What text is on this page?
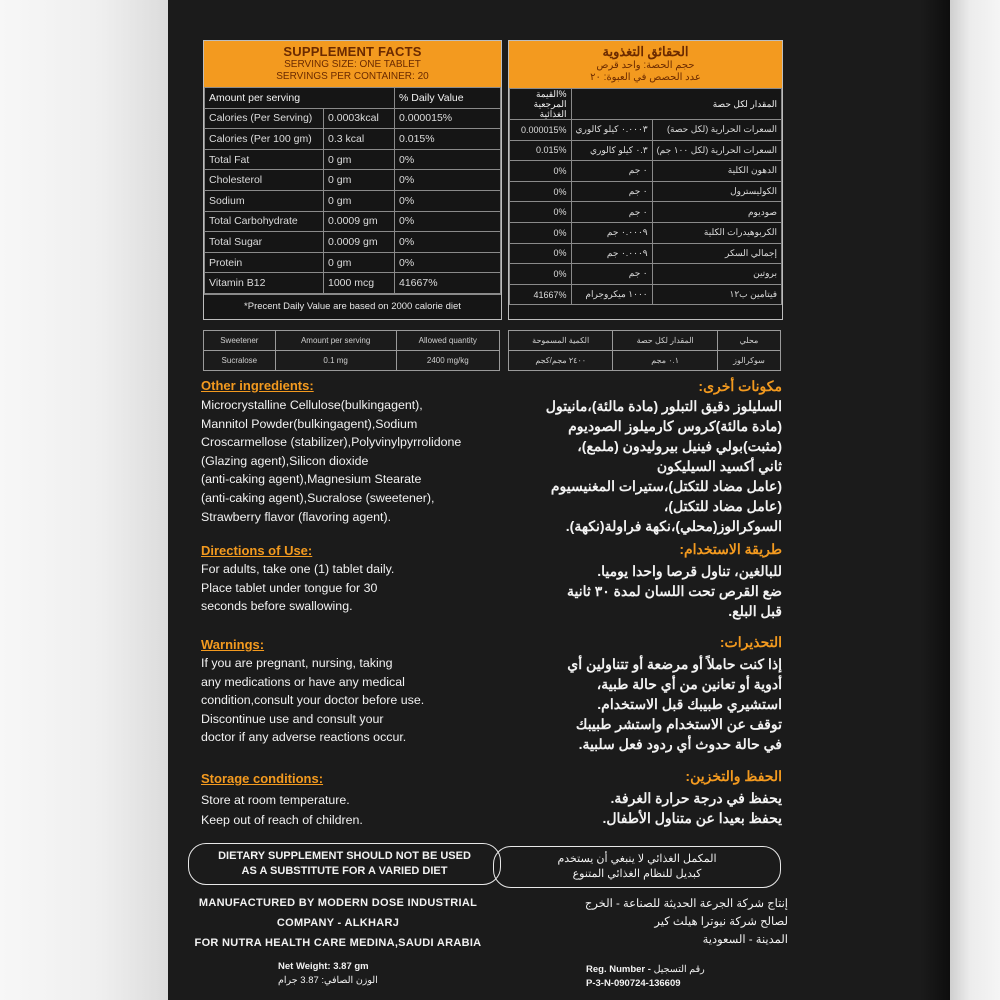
SUPPLEMENT FACTS
SERVING SIZE: ONE TABLET
SERVINGS PER CONTAINER: 20
Amount per serving		% Daily Value
Calories (Per Serving)	0.0003kcal	0.000015%
Calories (Per 100 gm)	0.3 kcal	0.015%
Total Fat	0 gm	0%
Cholesterol	0 gm	0%
Sodium	0 gm	0%
Total Carbohydrate	0.0009 gm	0%
Total Sugar	0.0009 gm	0%
Protein	0 gm	0%
Vitamin B12	1000 mcg	41667%
*Precent Daily Value are based on 2000 calorie diet
Sweetener	Amount per serving	Allowed quantity
Sucralose	0.1 mg	2400 mg/kg
الحقائق التغذوية
حجم الحصة: واحد قرص
عدد الحصص في العبوة: ٢٠
المقدار لكل حصة		%القيمة المرجعية الغذائية
السعرات الحرارية (لكل حصة)	٠.٠٠٠٣ كيلو كالوري	0.000015%
السعرات الحرارية (لكل ١٠٠ جم)	٠.٣ كيلو كالوري	0.015%
الدهون الكلية	٠ جم	0%
الكوليسترول	٠ جم	0%
صوديوم	٠ جم	0%
الكربوهيدرات الكلية	٠.٠٠٠٩ جم	0%
إجمالي السكر	٠.٠٠٠٩ جم	0%
بروتين	٠ جم	0%
فيتامين ب١٢	١٠٠٠ ميكروجرام	41667%
محلي	المقدار لكل حصة	الكمية المسموحة
سوكرالوز	٠.١ مجم	٢٤٠٠ مجم/كجم
Other ingredients:
Microcrystalline Cellulose(bulkingagent),
Mannitol Powder(bulkingagent),Sodium
Croscarmellose (stabilizer),Polyvinylpyrrolidone
(Glazing agent),Silicon dioxide
(anti-caking agent),Magnesium Stearate
(anti-caking agent),Sucralose (sweetener),
Strawberry flavor (flavoring agent).
Directions of Use:
For adults, take one (1) tablet daily.
Place tablet under tongue for 30
seconds before swallowing.
Warnings:
If you are pregnant, nursing, taking
any medications or have any medical
condition,consult your doctor before use.
Discontinue use and consult your
doctor if any adverse reactions occur.
Storage conditions:
Store at room temperature.
Keep out of reach of children.
مكونات أخرى:
السليلوز دقيق التبلور (مادة مالئة)،مانيتول
(مادة مالئة)كروس كارميلوز الصوديوم
(مثبت)بولي فينيل بيروليدون (ملمع)،
ثاني أكسيد السيليكون
(عامل مضاد للتكتل)،ستيرات المغنيسيوم
(عامل مضاد للتكتل)،
السوكرالوز(محلي)،نكهة فراولة(نكهة).
طريقة الاستخدام:
للبالغين، تناول قرصا واحدا يوميا.
ضع القرص تحت اللسان لمدة ٣٠ ثانية
قبل البلع.
التحذيرات:
إذا كنت حاملاً أو مرضعة أو تتناولين أي
أدوية أو تعانين من أي حالة طبية،
استشيري طبيبك قبل الاستخدام.
توقف عن الاستخدام واستشر طبيبك
في حالة حدوث أي ردود فعل سلبية.
الحفظ والتخزين:
يحفظ في درجة حرارة الغرفة.
يحفظ بعيدا عن متناول الأطفال.
DIETARY SUPPLEMENT SHOULD NOT BE USED
AS A SUBSTITUTE FOR A VARIED DIET
المكمل الغذائي لا ينبغي أن يستخدم
كبديل للنظام الغذائي المتنوع
MANUFACTURED BY MODERN DOSE INDUSTRIAL
COMPANY - ALKHARJ
FOR NUTRA HEALTH CARE MEDINA,SAUDI ARABIA
إنتاج شركة الجرعة الحديثة للصناعة - الخرج
لصالح شركة نيوترا هيلث كير
المدينة - السعودية
Net Weight: 3.87 gm
الوزن الصافي: 3.87 جرام
Reg. Number - رقم التسجيل
P-3-N-090724-136609
